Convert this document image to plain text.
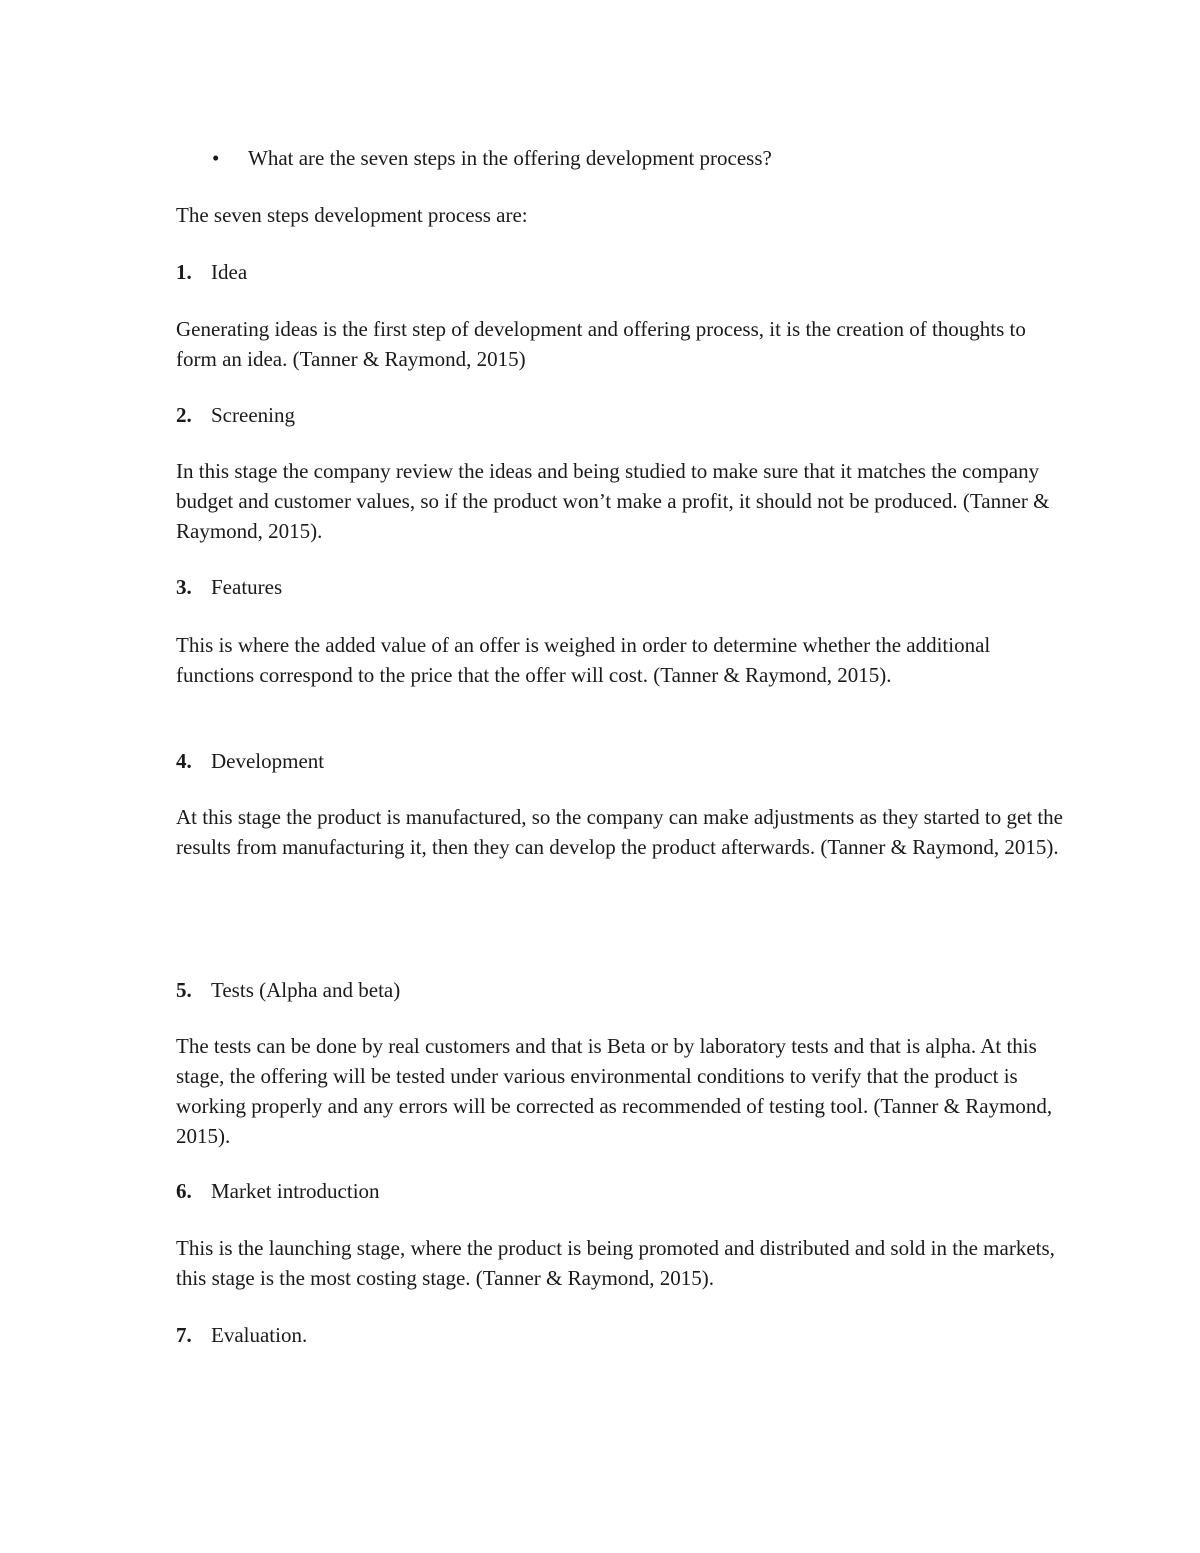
•	What are the seven steps in the offering development process?
The seven steps development process are:
1. Idea
Generating ideas is the first step of development and offering process, it is the creation of thoughts to form an idea. (Tanner & Raymond, 2015)
2. Screening
In this stage the company review the ideas and being studied to make sure that it matches the company budget and customer values, so if the product won’t make a profit, it should not be produced. (Tanner & Raymond, 2015).
3. Features
This is where the added value of an offer is weighed in order to determine whether the additional functions correspond to the price that the offer will cost. (Tanner & Raymond, 2015).
4. Development
At this stage the product is manufactured, so the company can make adjustments as they started to get the results from manufacturing it, then they can develop the product afterwards. (Tanner & Raymond, 2015).
5. Tests (Alpha and beta)
The tests can be done by real customers and that is Beta or by laboratory tests and that is alpha. At this stage, the offering will be tested under various environmental conditions to verify that the product is working properly and any errors will be corrected as recommended of testing tool. (Tanner & Raymond, 2015).
6. Market introduction
This is the launching stage, where the product is being promoted and distributed and sold in the markets, this stage is the most costing stage. (Tanner & Raymond, 2015).
7. Evaluation.
